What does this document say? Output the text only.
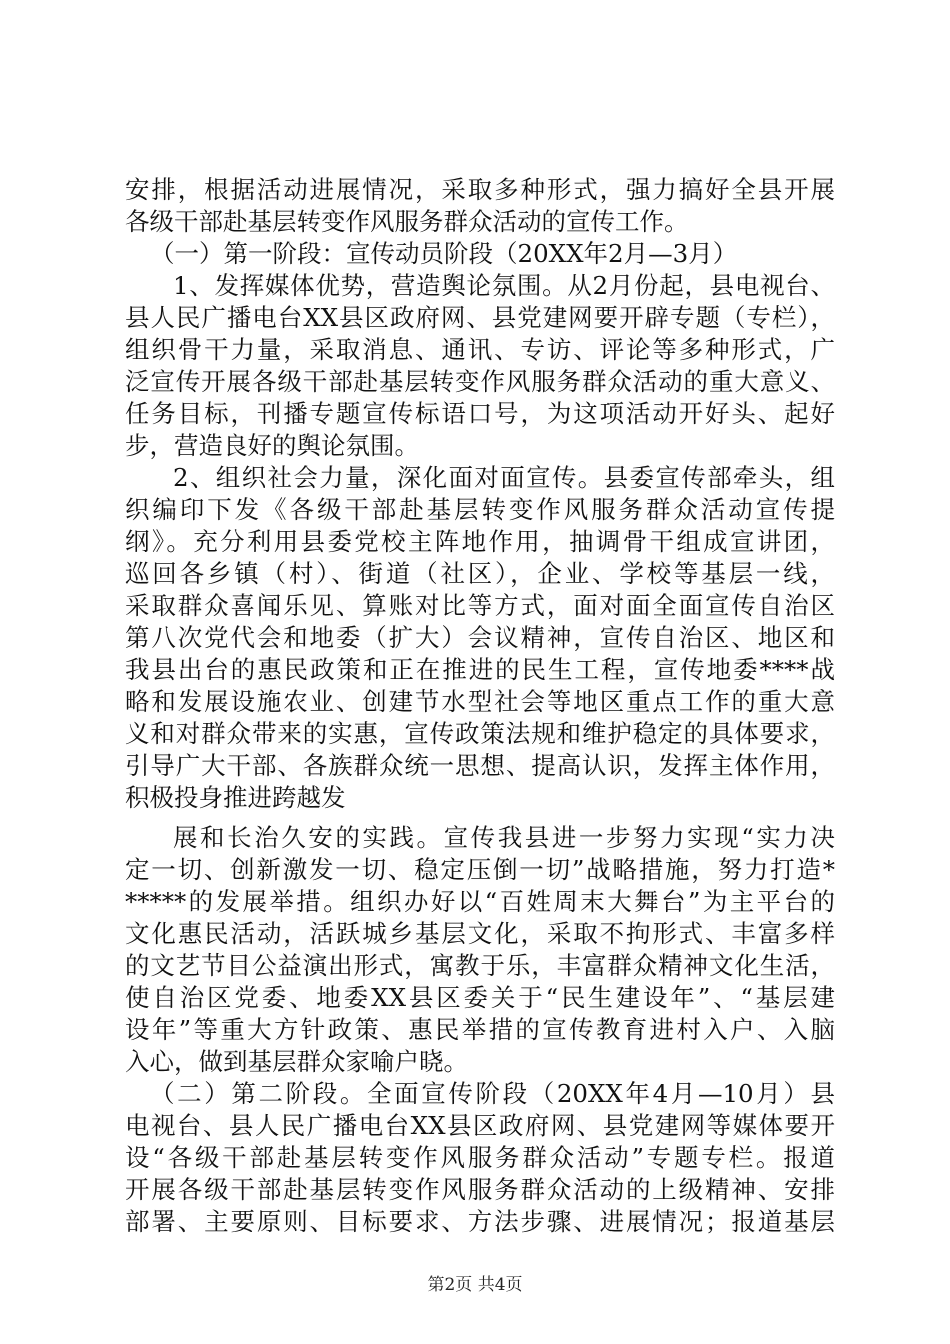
安排，根据活动进展情况，采取多种形式，强力搞好全县开展
各级干部赴基层转变作风服务群众活动的宣传工作。
（一）第一阶段：宣传动员阶段（20XX年2月—3月）
1、发挥媒体优势，营造舆论氛围。从2月份起，县电视台、
县人民广播电台XX县区政府网、县党建网要开辟专题（专栏），
组织骨干力量，采取消息、通讯、专访、评论等多种形式，广
泛宣传开展各级干部赴基层转变作风服务群众活动的重大意义、
任务目标，刊播专题宣传标语口号，为这项活动开好头、起好
步，营造良好的舆论氛围。
2、组织社会力量，深化面对面宣传。县委宣传部牵头，组
织编印下发《各级干部赴基层转变作风服务群众活动宣传提
纲》。充分利用县委党校主阵地作用，抽调骨干组成宣讲团，
巡回各乡镇（村）、街道（社区），企业、学校等基层一线，
采取群众喜闻乐见、算账对比等方式，面对面全面宣传自治区
第八次党代会和地委（扩大）会议精神，宣传自治区、地区和
我县出台的惠民政策和正在推进的民生工程，宣传地委****战
略和发展设施农业、创建节水型社会等地区重点工作的重大意
义和对群众带来的实惠，宣传政策法规和维护稳定的具体要求，
引导广大干部、各族群众统一思想、提高认识，发挥主体作用，
积极投身推进跨越发
展和长治久安的实践。宣传我县进一步努力实现“实力决
定一切、创新激发一切、稳定压倒一切”战略措施，努力打造*
*****的发展举措。组织办好以“百姓周末大舞台”为主平台的
文化惠民活动，活跃城乡基层文化，采取不拘形式、丰富多样
的文艺节目公益演出形式，寓教于乐，丰富群众精神文化生活，
使自治区党委、地委XX县区委关于“民生建设年”、“基层建
设年”等重大方针政策、惠民举措的宣传教育进村入户、入脑
入心，做到基层群众家喻户晓。
（二）第二阶段。全面宣传阶段（20XX年4月—10月）县
电视台、县人民广播电台XX县区政府网、县党建网等媒体要开
设“各级干部赴基层转变作风服务群众活动”专题专栏。报道
开展各级干部赴基层转变作风服务群众活动的上级精神、安排
部署、主要原则、目标要求、方法步骤、进展情况；报道基层
第2页 共4页
